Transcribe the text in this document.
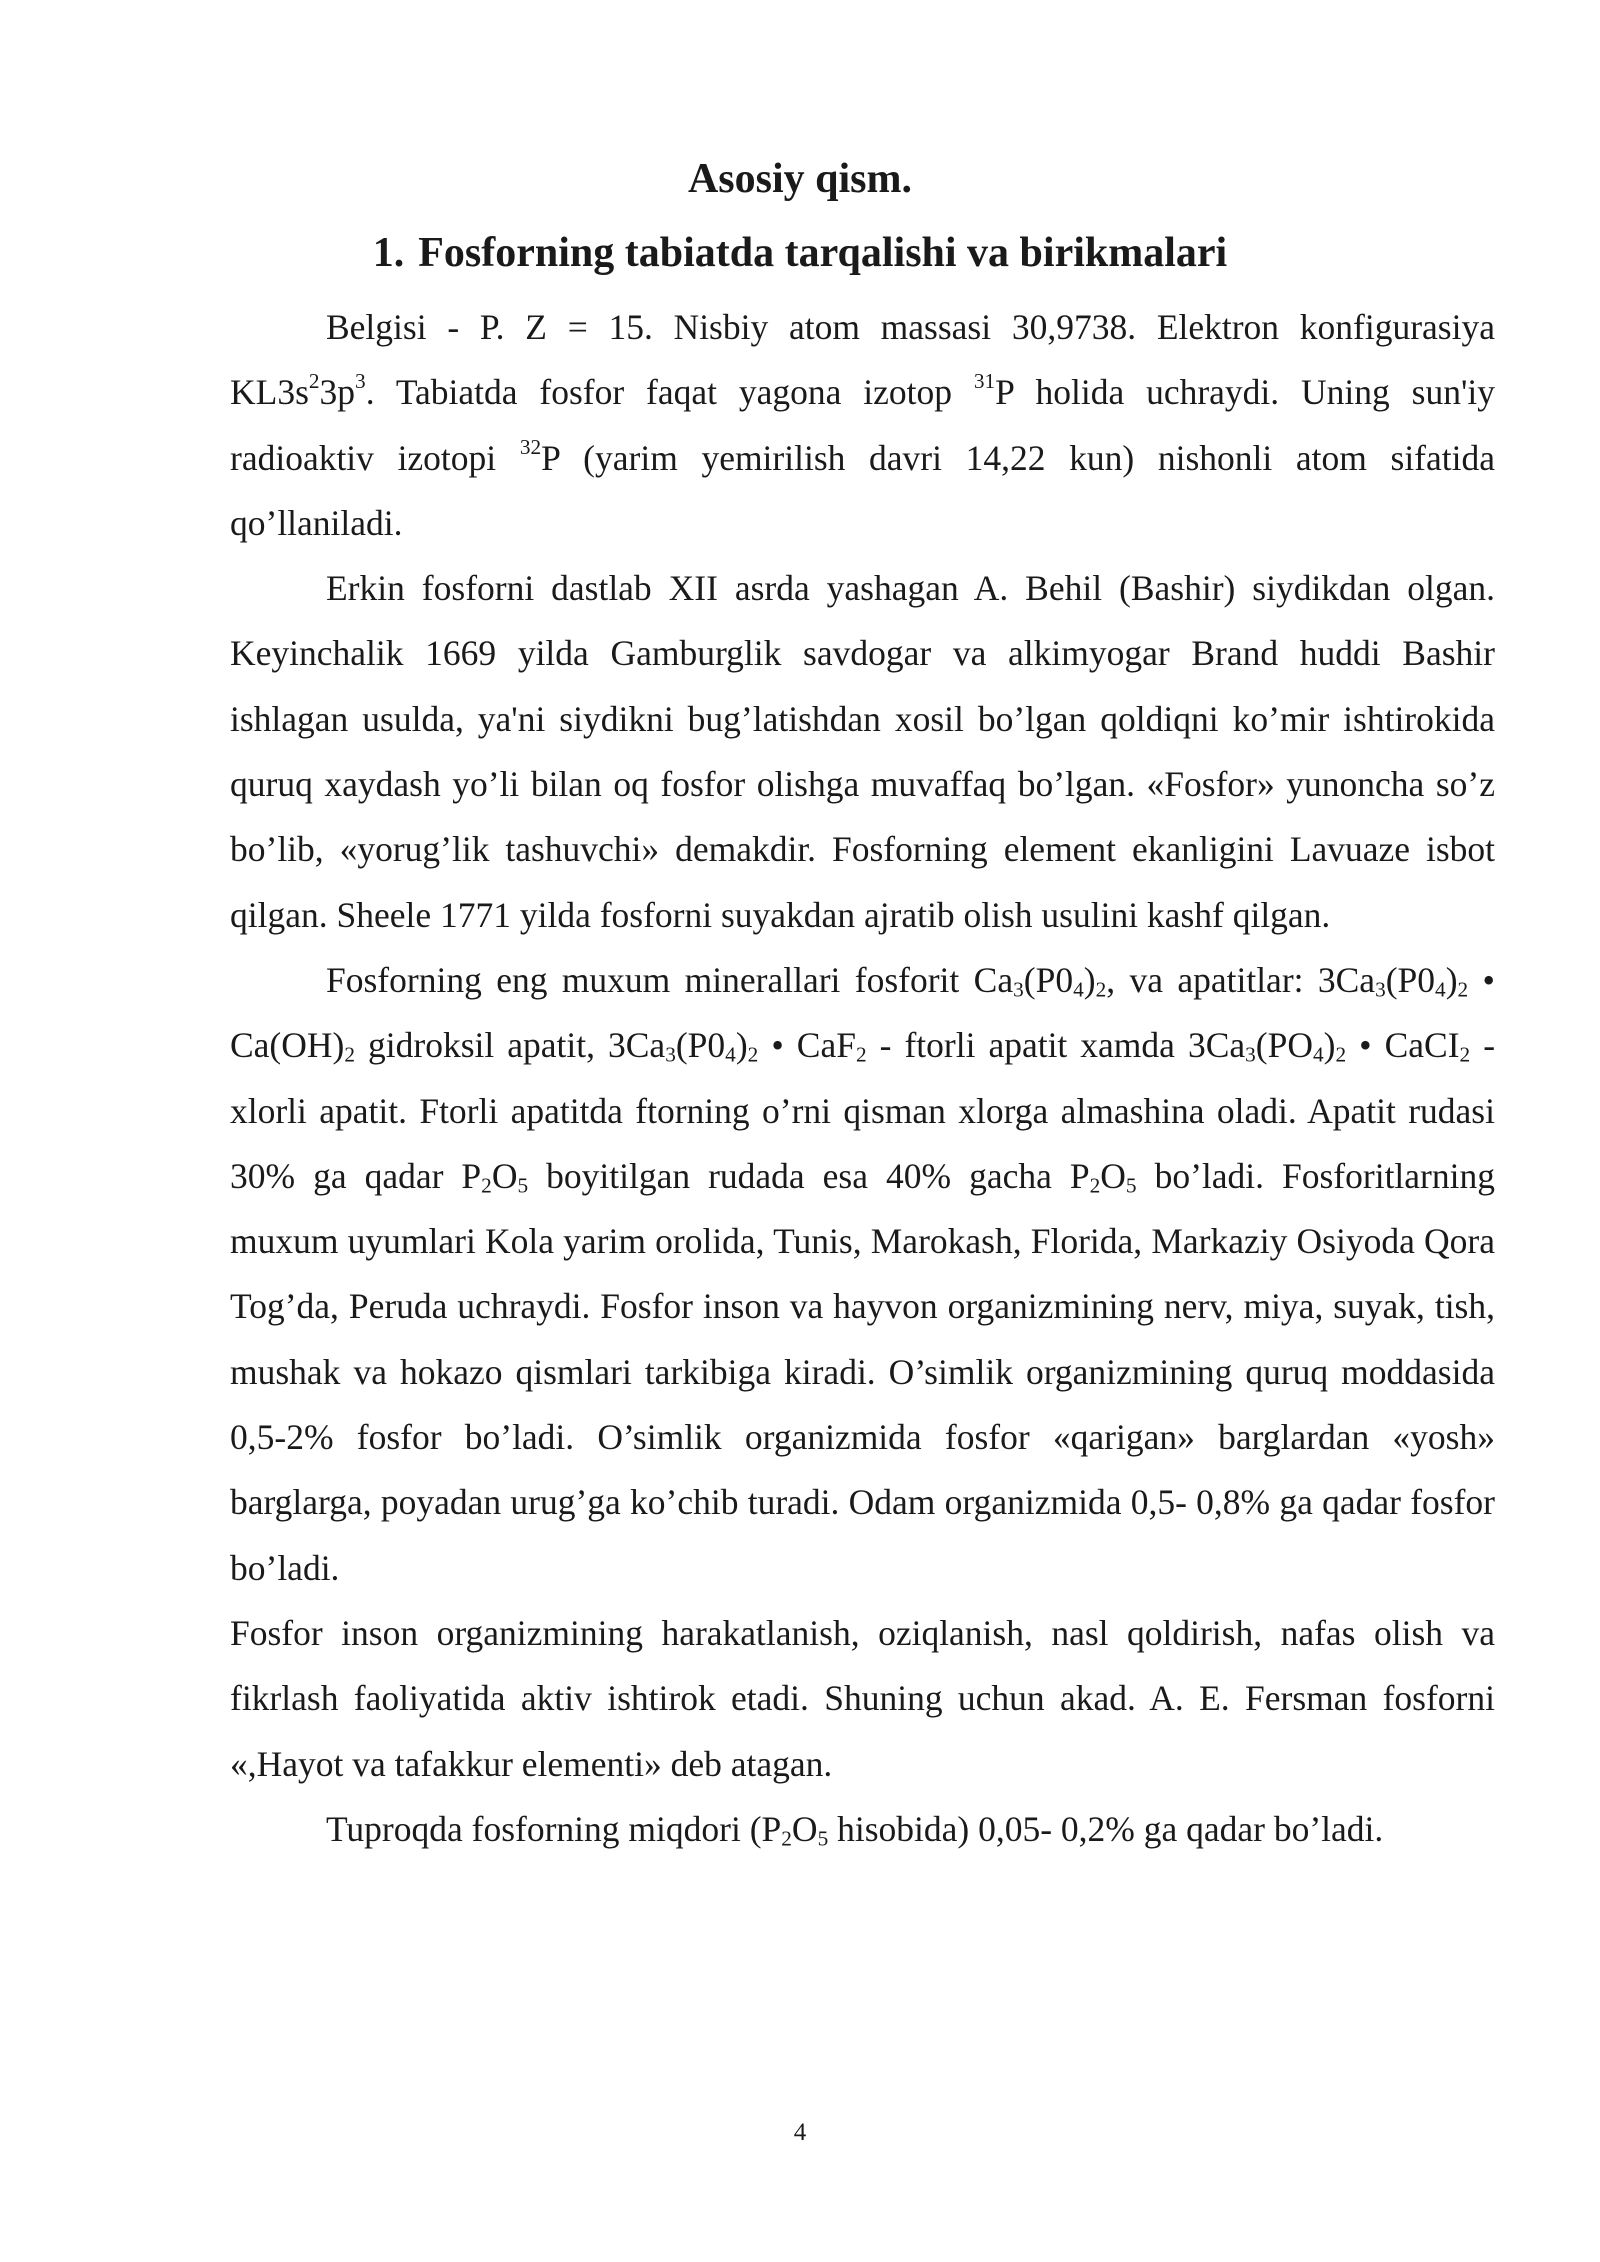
Asosiy qism.
1. Fosforning tabiatda tarqalishi va birikmalari

Belgisi - P. Z = 15. Nisbiy atom massasi 30,9738. Elektron konfigurasiya $KL3s^23p^3$. Tabiatda fosfor faqat yagona izotop $^{31}$P holida uchraydi. Uning sun'iy radioaktiv izotopi $^{32}$P (yarim yemirilish davri 14,22 kun) nishonli atom sifatida qo’llaniladi.

Erkin fosforni dastlab XII asrda yashagan A. Behil (Bashir) siydikdan olgan. Keyinchalik 1669 yilda Gamburglik savdogar va alkimyogar Brand huddi Bashir ishlagan usulda, ya'ni siydikni bug’latishdan xosil bo’lgan qoldiqni ko’mir ishtirokida quruq xaydash yo’li bilan oq fosfor olishga muvaffaq bo’lgan. «Fosfor» yunoncha so’z bo’lib, «yorug’lik tashuvchi» demakdir. Fosforning element ekanligini Lavuaze isbot qilgan. Sheele 1771 yilda fosforni suyakdan ajratib olish usulini kashf qilgan.

Fosforning eng muxum minerallari fosforit $Ca_3(P0_4)_2$, va apatitlar: $3Ca_3(P0_4)_2$ • $Ca(OH)_2$ gidroksil apatit, $3Ca_3(P0_4)_2$ • CaF$_2$ - ftorli apatit xamda $3Ca_3(PO_4)_2$ • CaCI$_2$ - xlorli apatit. Ftorli apatitda ftorning o’rni qisman xlorga almashina oladi. Apatit rudasi 30% ga qadar $P_2O_5$ boyitilgan rudada esa 40% gacha $P_2O_5$ bo’ladi. Fosforitlarning muxum uyumlari Kola yarim orolida, Tunis, Marokash, Florida, Markaziy Osiyoda Qora Tog’da, Peruda uchraydi. Fosfor inson va hayvon organizmining nerv, miya, suyak, tish, mushak va hokazo qismlari tarkibiga kiradi. O’simlik organizmining quruq moddasida 0,5-2% fosfor bo’ladi. O’simlik organizmida fosfor «qarigan» barglardan «yosh» barglarga, poyadan urug’ga ko’chib turadi. Odam organizmida 0,5- 0,8% ga qadar fosfor bo’ladi.

Fosfor inson organizmining harakatlanish, oziqlanish, nasl qoldirish, nafas olish va fikrlash faoliyatida aktiv ishtirok etadi. Shuning uchun akad. A. E. Fersman fosforni «,Hayot va tafakkur elementi» deb atagan.

Tuproqda fosforning miqdori ($P_2O_5$ hisobida) 0,05- 0,2% ga qadar bo’ladi.

4
